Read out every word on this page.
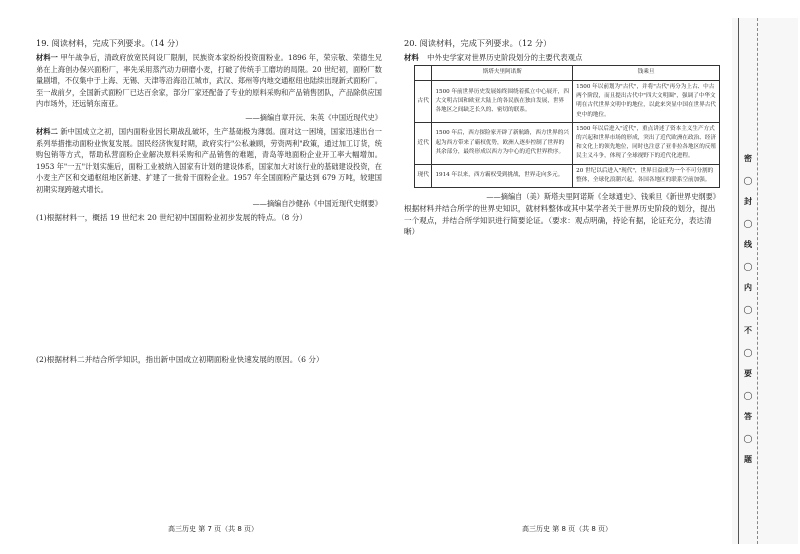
19. 阅读材料，完成下列要求。（14 分）

材料一 甲午战争后，清政府放宽民间设厂限制，民族资本家纷纷投资面粉业。1896 年，荣宗敬、荣德生兄弟在上海创办保兴面粉厂，率先采用蒸汽动力研磨小麦，打破了传统手工磨坊的局限。20 世纪初，面粉厂数量剧增，不仅集中于上海、无锡、天津等沿海沿江城市，武汉、郑州等内地交通枢纽也陆续出现新式面粉厂。至一战前夕，全国新式面粉厂已达百余家，部分厂家还配备了专业的原料采购和产品销售团队，产品除供应国内市场外，还远销东南亚。

——摘编自章开沅、朱英《中国近现代史》

材料二 新中国成立之初，国内面粉业因长期战乱破坏，生产基础极为薄弱。面对这一困境，国家迅速出台一系列举措推动面粉业恢复发展。国民经济恢复时期，政府实行"公私兼顾，劳资两利"政策，通过加工订货，统购包销等方式，帮助私营面粉企业解决原料采购和产品销售的难题，青岛等地面粉企业开工率大幅增加。1953 年"一五"计划实施后，面粉工业被纳入国家有计划的建设体系，国家加大对该行业的基础建设投资，在小麦主产区和交通枢纽地区新建、扩建了一批骨干面粉企业。1957 年全国面粉产量达到 679 万吨，较建国初期实现跨越式增长。

——摘编自沙健孙《中国近现代史纲要》

(1)根据材料一，概括 19 世纪末 20 世纪初中国面粉业初步发展的特点。（8 分）

(2)根据材料二并结合所学知识，指出新中国成立初期面粉业快速发展的原因。（6 分）

高三历史 第 7 页（共 8 页）

20. 阅读材料，完成下列要求。（12 分）

材料 中外史学家对世界历史阶段划分的主要代表观点

	斯塔夫里阿诺斯	钱乘旦
古代	1500 年前世界历史发展始终围绕着孤立中心展开，四大文明古国和欧亚大陆上的各民族在独自发展，世界各地区之间缺乏长久的、密切的联系。	1500 年以前划为"古代"，并将"古代"再分为上古、中古两个阶段，而且提出古代中"四大文明圈"，强调了中华文明在古代世界文明中的地位，以此来突显中国在世界古代史中的地位。
近代	1500 年后，西方探险家开辟了新航路，西方世界的兴起为西方带来了霸权优势，欧洲人逐步控制了世界的其余部分，最终形成以西方为中心的近代世界秩序。	1500 年以后进入"近代"，重点讲述了资本主义生产方式的兴起和世界市场的形成，突出了近代欧洲在政治、经济和文化上的领先地位，同时也注意了亚非拉各地区的反殖民主义斗争，体现了全球视野下的近代化进程。
现代	1914 年以来，西方霸权受到挑战，世界走向多元。	20 世纪以后进入"现代"，世界日益成为一个不可分割的整体，全球化浪潮兴起，各国各地区的联系空前加强。

——摘编自（美）斯塔夫里阿诺斯《全球通史》、钱乘旦《新世界史纲要》

根据材料并结合所学的世界史知识，就材料整体或其中某学者关于世界历史阶段的划分，提出一个观点，并结合所学知识进行简要论证。（要求：观点明确，持论有据，论证充分，表达清晰）

高三历史 第 8 页（共 8 页）
密◯封◯线◯内◯不◯要◯答◯题
